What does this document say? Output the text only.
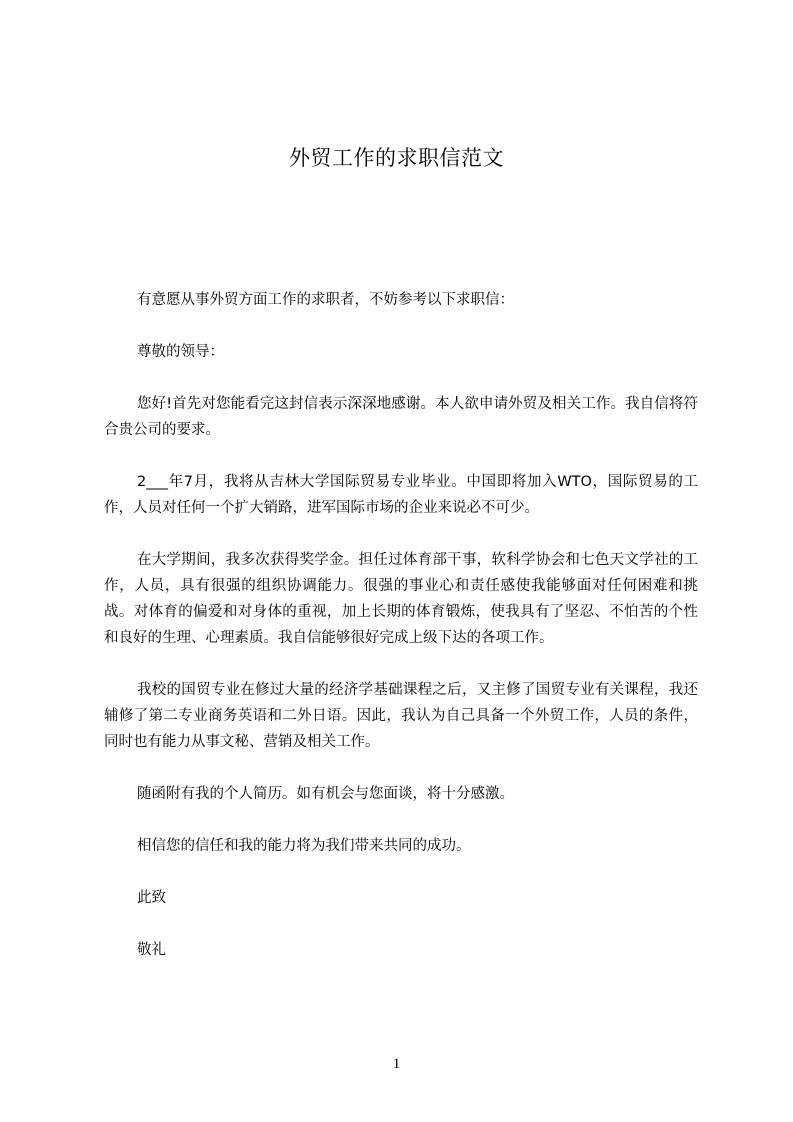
外贸工作的求职信范文

有意愿从事外贸方面工作的求职者，不妨参考以下求职信：

尊敬的领导：

您好!首先对您能看完这封信表示深深地感谢。本人欲申请外贸及相关工作。我自信将符合贵公司的要求。

2___年7月，我将从吉林大学国际贸易专业毕业。中国即将加入WTO，国际贸易的工作，人员对任何一个扩大销路，进军国际市场的企业来说必不可少。

在大学期间，我多次获得奖学金。担任过体育部干事，软科学协会和七色天文学社的工作，人员，具有很强的组织协调能力。很强的事业心和责任感使我能够面对任何困难和挑战。对体育的偏爱和对身体的重视，加上长期的体育锻炼，使我具有了坚忍、不怕苦的个性和良好的生理、心理素质。我自信能够很好完成上级下达的各项工作。

我校的国贸专业在修过大量的经济学基础课程之后，又主修了国贸专业有关课程，我还辅修了第二专业商务英语和二外日语。因此，我认为自己具备一个外贸工作，人员的条件，同时也有能力从事文秘、营销及相关工作。

随函附有我的个人简历。如有机会与您面谈，将十分感激。

相信您的信任和我的能力将为我们带来共同的成功。

此致

敬礼

1
